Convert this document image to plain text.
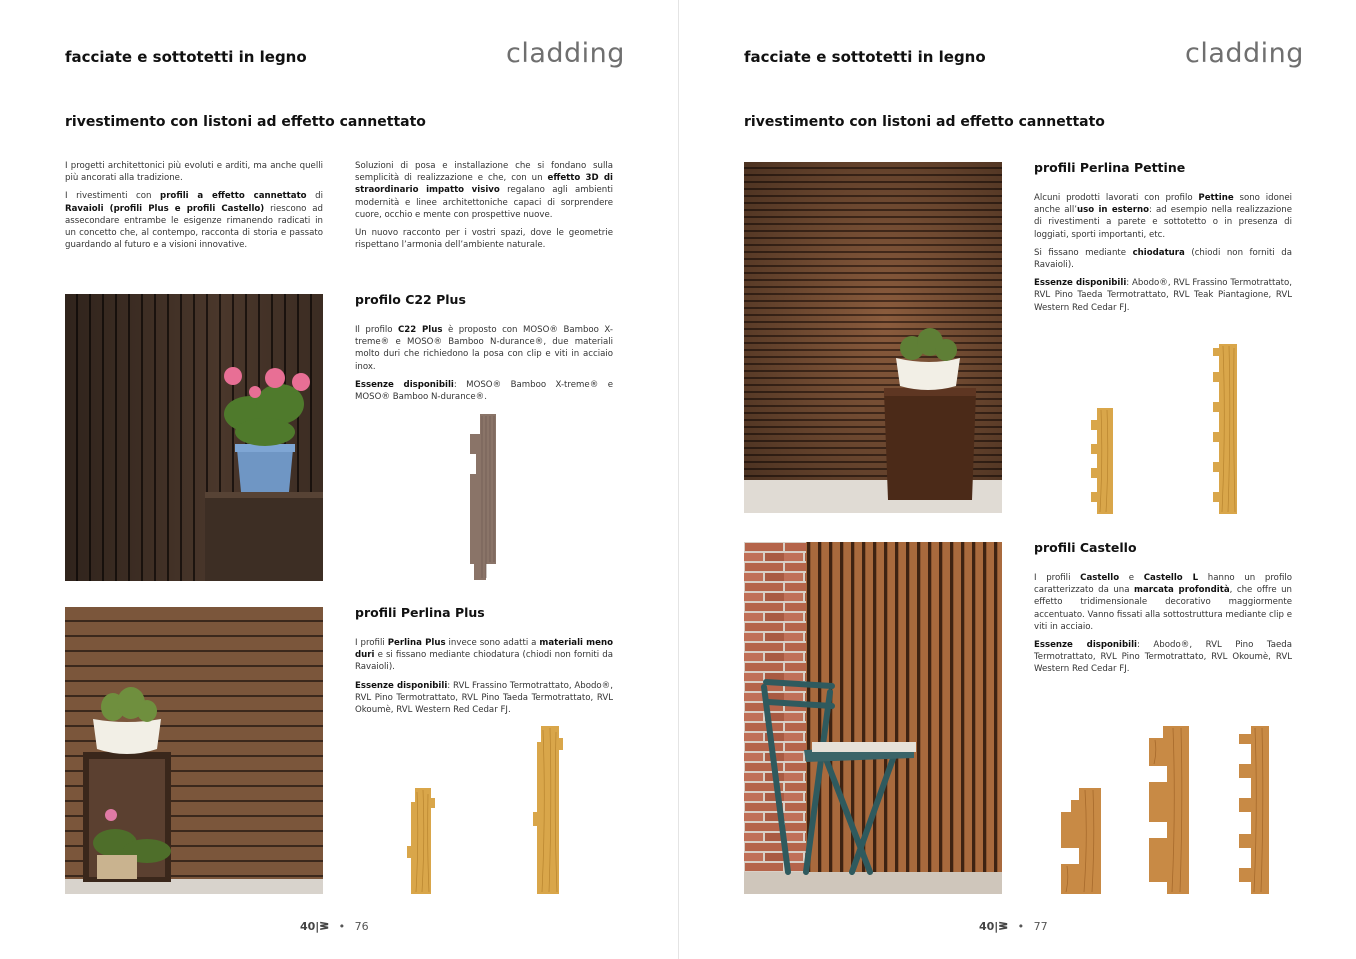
facciate e sottotetti in legno	cladding
rivestimento con listoni ad effetto cannettato

I progetti architettonici più evoluti e arditi, ma anche quelli più ancorati alla tradizione.

I rivestimenti con profili a effetto cannettato di Ravaioli (profili Plus e profili Castello) riescono ad assecondare entrambe le esigenze rimanendo radicati in un concetto che, al contempo, racconta di storia e passato guardando al futuro e a visioni innovative.

Soluzioni di posa e installazione che si fondano sulla semplicità di realizzazione e che, con un effetto 3D di straordinario impatto visivo regalano agli ambienti modernità e linee architettoniche capaci di sorprendere cuore, occhio e mente con prospettive nuove.

Un nuovo racconto per i vostri spazi, dove le geometrie rispettano l’armonia dell’ambiente naturale.

profilo C22 Plus

Il profilo C22 Plus è proposto con MOSO® Bamboo X-treme® e MOSO® Bamboo N-durance®, due materiali molto duri che richiedono la posa con clip e viti in acciaio inox.

Essenze disponibili: MOSO® Bamboo X-treme® e MOSO® Bamboo N-durance®.

profili Perlina Plus

I profili Perlina Plus invece sono adatti a materiali meno duri e si fissano mediante chiodatura (chiodi non forniti da Ravaioli).

Essenze disponibili: RVL Frassino Termotrattato, Abodo®, RVL Pino Termotrattato, RVL Pino Taeda Termotrattato, RVL Okoumè, RVL Western Red Cedar FJ.

40|ᕒ • 76
facciate e sottotetti in legno	cladding
rivestimento con listoni ad effetto cannettato
profili Perlina Pettine

Alcuni prodotti lavorati con profilo Pettine sono idonei anche all’uso in esterno: ad esempio nella realizzazione di rivestimenti a parete e sottotetto o in presenza di loggiati, sporti importanti, etc.

Si fissano mediante chiodatura (chiodi non forniti da Ravaioli).

Essenze disponibili: Abodo®, RVL Frassino Termotrattato, RVL Pino Taeda Termotrattato, RVL Teak Piantagione, RVL Western Red Cedar FJ.

profili Castello

I profili Castello e Castello L hanno un profilo caratterizzato da una marcata profondità, che offre un effetto tridimensionale decorativo maggiormente accentuato. Vanno fissati alla sottostruttura mediante clip e viti in acciaio.

Essenze disponibili: Abodo®, RVL Pino Taeda Termotrattato, RVL Pino Termotrattato, RVL Okoumè, RVL Western Red Cedar FJ.

40|ᕒ • 77
